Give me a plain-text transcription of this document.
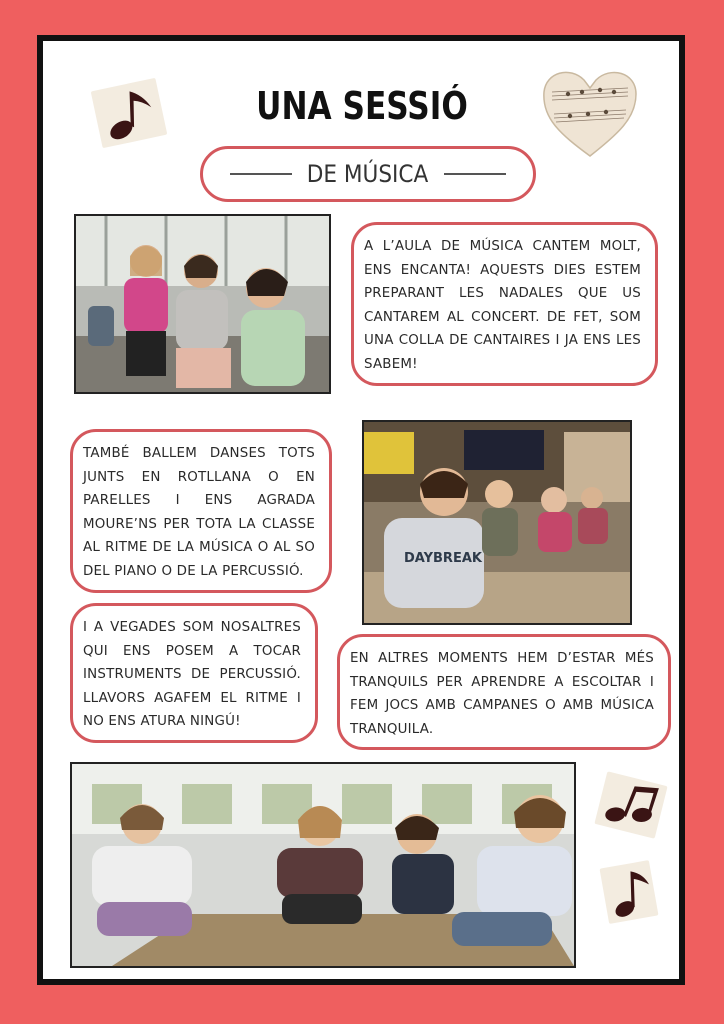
UNA SESSIÓ
DE MÚSICA
A L’AULA DE MÚSICA CANTEM MOLT, ENS ENCANTA! AQUESTS DIES ESTEM PREPARANT LES NADALES QUE US CANTAREM AL CONCERT. DE FET, SOM UNA COLLA DE CANTAIRES I JA ENS LES SABEM!
TAMBÉ BALLEM DANSES TOTS JUNTS EN ROTLLANA O EN PARELLES I ENS AGRADA MOURE’NS PER TOTA LA CLASSE AL RITME DE LA MÚSICA O AL SO DEL PIANO O DE LA PERCUSSIÓ.
DAYBREAK
I A VEGADES SOM NOSALTRES QUI ENS POSEM A TOCAR INSTRUMENTS DE PERCUSSIÓ. LLAVORS AGAFEM EL RITME I NO ENS ATURA NINGÚ!
EN ALTRES MOMENTS HEM D’ESTAR MÉS TRANQUILS PER APRENDRE A ESCOLTAR I FEM JOCS AMB CAMPANES O AMB MÚSICA TRANQUILA.
